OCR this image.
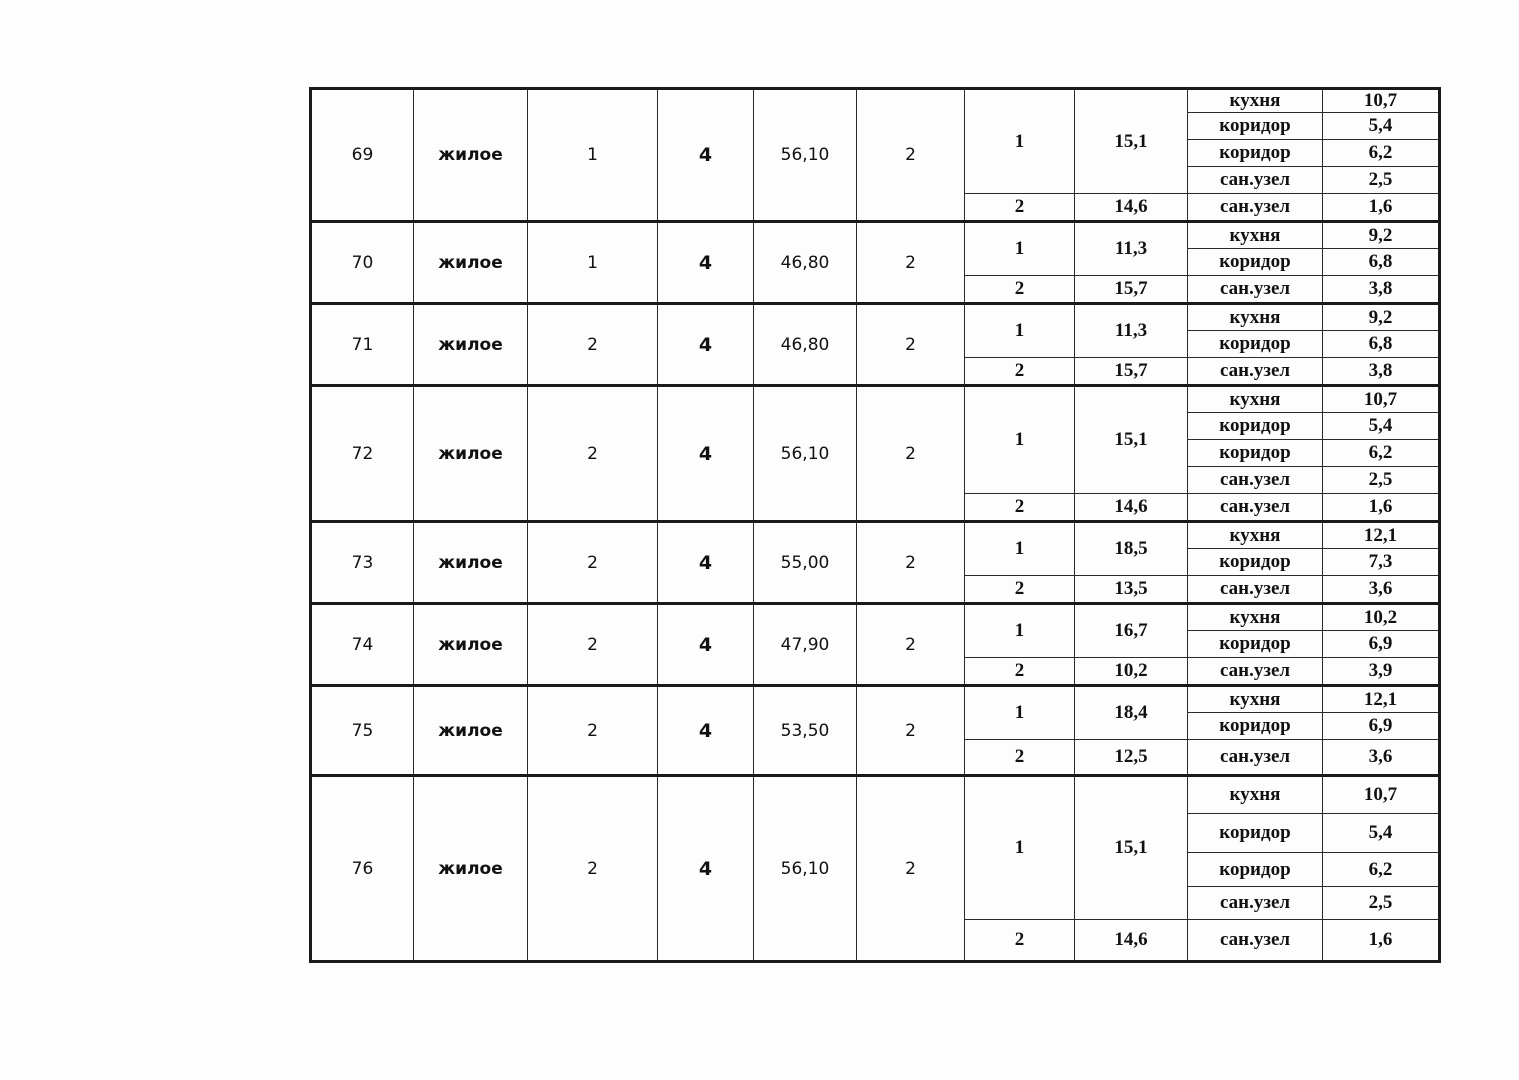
69	жилое	1	4	56,10	2	1	15,1	кухня	10,7
								коридор	5,4
								коридор	6,2
								сан.узел	2,5
						2	14,6	сан.узел	1,6
70	жилое	1	4	46,80	2	1	11,3	кухня	9,2
								коридор	6,8
						2	15,7	сан.узел	3,8
71	жилое	2	4	46,80	2	1	11,3	кухня	9,2
								коридор	6,8
						2	15,7	сан.узел	3,8
72	жилое	2	4	56,10	2	1	15,1	кухня	10,7
								коридор	5,4
								коридор	6,2
								сан.узел	2,5
						2	14,6	сан.узел	1,6
73	жилое	2	4	55,00	2	1	18,5	кухня	12,1
								коридор	7,3
						2	13,5	сан.узел	3,6
74	жилое	2	4	47,90	2	1	16,7	кухня	10,2
								коридор	6,9
						2	10,2	сан.узел	3,9
75	жилое	2	4	53,50	2	1	18,4	кухня	12,1
								коридор	6,9
						2	12,5	сан.узел	3,6
76	жилое	2	4	56,10	2	1	15,1	кухня	10,7
								коридор	5,4
								коридор	6,2
								сан.узел	2,5
						2	14,6	сан.узел	1,6
